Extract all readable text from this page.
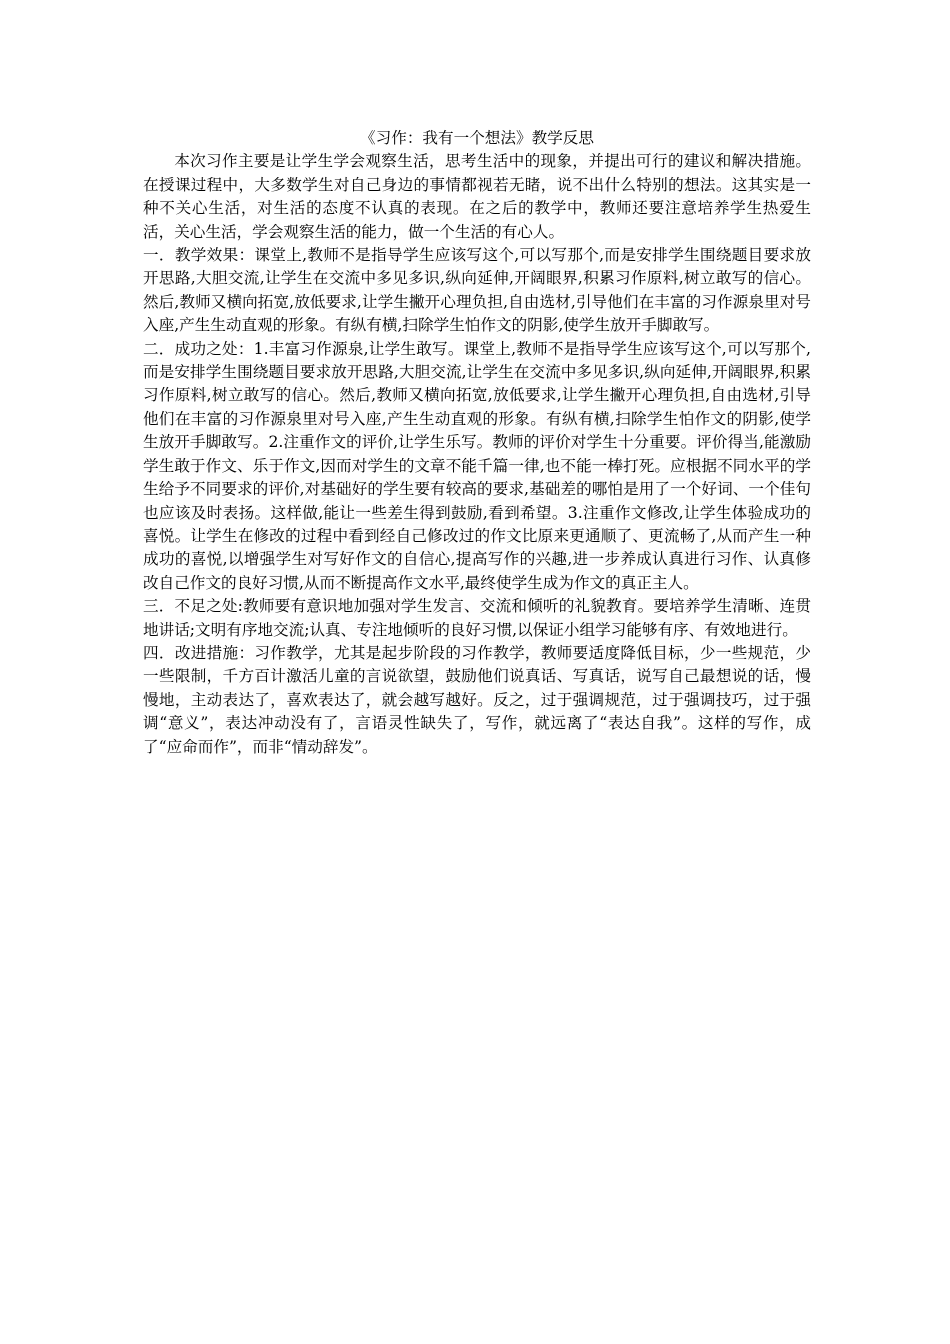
《习作：我有一个想法》教学反思

本次习作主要是让学生学会观察生活，思考生活中的现象，并提出可行的建议和解决措施。在授课过程中，大多数学生对自己身边的事情都视若无睹，说不出什么特别的想法。这其实是一种不关心生活，对生活的态度不认真的表现。在之后的教学中，教师还要注意培养学生热爱生活，关心生活，学会观察生活的能力，做一个生活的有心人。

一．教学效果：课堂上,教师不是指导学生应该写这个,可以写那个,而是安排学生围绕题目要求放开思路,大胆交流,让学生在交流中多见多识,纵向延伸,开阔眼界,积累习作原料,树立敢写的信心。然后,教师又横向拓宽,放低要求,让学生撇开心理负担,自由选材,引导他们在丰富的习作源泉里对号入座,产生生动直观的形象。有纵有横,扫除学生怕作文的阴影,使学生放开手脚敢写。

二．成功之处：1.丰富习作源泉,让学生敢写。课堂上,教师不是指导学生应该写这个,可以写那个,而是安排学生围绕题目要求放开思路,大胆交流,让学生在交流中多见多识,纵向延伸,开阔眼界,积累习作原料,树立敢写的信心。然后,教师又横向拓宽,放低要求,让学生撇开心理负担,自由选材,引导他们在丰富的习作源泉里对号入座,产生生动直观的形象。有纵有横,扫除学生怕作文的阴影,使学生放开手脚敢写。2.注重作文的评价,让学生乐写。教师的评价对学生十分重要。评价得当,能激励学生敢于作文、乐于作文,因而对学生的文章不能千篇一律,也不能一棒打死。应根据不同水平的学生给予不同要求的评价,对基础好的学生要有较高的要求,基础差的哪怕是用了一个好词、一个佳句也应该及时表扬。这样做,能让一些差生得到鼓励,看到希望。3.注重作文修改,让学生体验成功的喜悦。让学生在修改的过程中看到经自己修改过的作文比原来更通顺了、更流畅了,从而产生一种成功的喜悦,以增强学生对写好作文的自信心,提高写作的兴趣,进一步养成认真进行习作、认真修改自己作文的良好习惯,从而不断提高作文水平,最终使学生成为作文的真正主人。

三．不足之处:教师要有意识地加强对学生发言、交流和倾听的礼貌教育。要培养学生清晰、连贯地讲话;文明有序地交流;认真、专注地倾听的良好习惯,以保证小组学习能够有序、有效地进行。

四．改进措施：习作教学，尤其是起步阶段的习作教学，教师要适度降低目标，少一些规范，少一些限制，千方百计激活儿童的言说欲望，鼓励他们说真话、写真话，说写自己最想说的话，慢慢地，主动表达了，喜欢表达了，就会越写越好。反之，过于强调规范，过于强调技巧，过于强调“意义”，表达冲动没有了，言语灵性缺失了，写作，就远离了“表达自我”。这样的写作，成了“应命而作”，而非“情动辞发”。
